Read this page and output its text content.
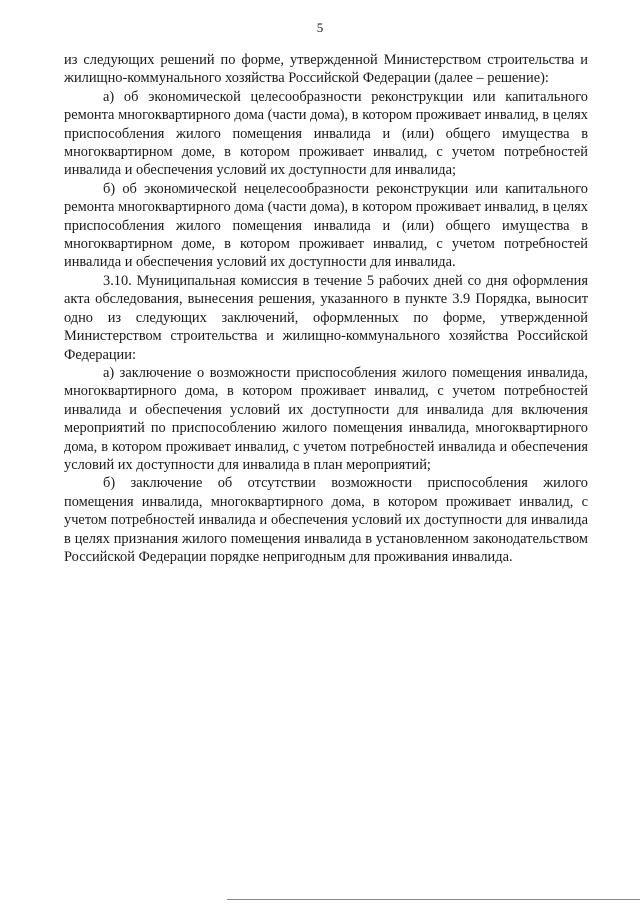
5

из следующих решений по форме, утвержденной Министерством строительства и жилищно-коммунального хозяйства Российской Федерации (далее – решение):

а) об экономической целесообразности реконструкции или капитального ремонта многоквартирного дома (части дома), в котором проживает инвалид, в целях приспособления жилого помещения инвалида и (или) общего имущества в многоквартирном доме, в котором проживает инвалид, с учетом потребностей инвалида и обеспечения условий их доступности для инвалида;

б) об экономической нецелесообразности реконструкции или капитального ремонта многоквартирного дома (части дома), в котором проживает инвалид, в целях приспособления жилого помещения инвалида и (или) общего имущества в многоквартирном доме, в котором проживает инвалид, с учетом потребностей инвалида и обеспечения условий их доступности для инвалида.

3.10. Муниципальная комиссия в течение 5 рабочих дней со дня оформления акта обследования, вынесения решения, указанного в пункте 3.9 Порядка, выносит одно из следующих заключений, оформленных по форме, утвержденной Министерством строительства и жилищно-коммунального хозяйства Российской Федерации:

а) заключение о возможности приспособления жилого помещения инвалида, многоквартирного дома, в котором проживает инвалид, с учетом потребностей инвалида и обеспечения условий их доступности для инвалида для включения мероприятий по приспособлению жилого помещения инвалида, многоквартирного дома, в котором проживает инвалид, с учетом потребностей инвалида и обеспечения условий их доступности для инвалида в план мероприятий;

б) заключение об отсутствии возможности приспособления жилого помещения инвалида, многоквартирного дома, в котором проживает инвалид, с учетом потребностей инвалида и обеспечения условий их доступности для инвалида в целях признания жилого помещения инвалида в установленном законодательством Российской Федерации порядке непригодным для проживания инвалида.
